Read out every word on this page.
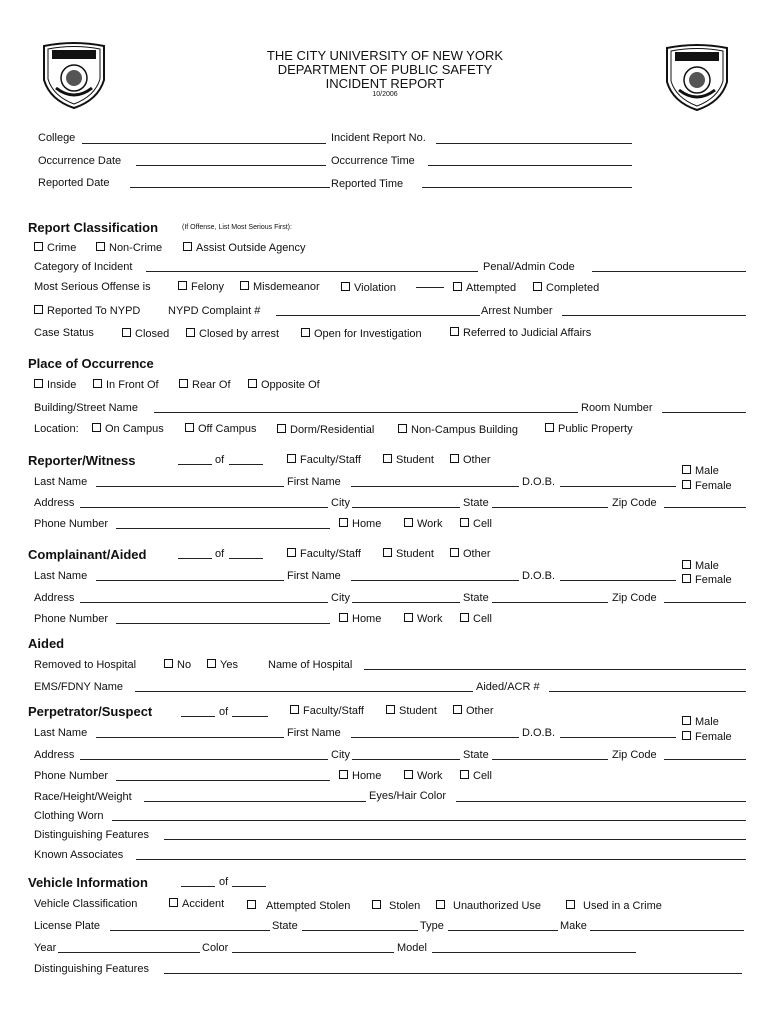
THE CITY UNIVERSITY OF NEW YORK
DEPARTMENT OF PUBLIC SAFETY
INCIDENT REPORT
10/2006
College	Incident Report No.
Occurrence Date	Occurrence Time
Reported Date	Reported Time
Report Classification	(If Offense, List Most Serious First):
Crime	Non-Crime	Assist Outside Agency
Category of Incident	Penal/Admin Code
Most Serious Offense is	Felony	Misdemeanor	Violation	Attempted	Completed
Reported To NYPD	NYPD Complaint #	Arrest Number
Case Status	Closed	Closed by arrest	Open for Investigation	Referred to Judicial Affairs
Place of Occurrence
Inside	In Front Of	Rear Of	Opposite Of
Building/Street Name	Room Number
Location:	On Campus	Off Campus	Dorm/Residential	Non-Campus Building	Public Property
Reporter/Witness	of	Faculty/Staff	Student	Other
Male
Female
Last Name	First Name	D.O.B.
Address	City	State	Zip Code
Phone Number	Home	Work	Cell
Complainant/Aided	of	Faculty/Staff	Student	Other
Male
Female
Last Name	First Name	D.O.B.
Address	City	State	Zip Code
Phone Number	Home	Work	Cell
Aided
Removed to Hospital	No	Yes	Name of Hospital
EMS/FDNY Name	Aided/ACR #
Perpetrator/Suspect	of	Faculty/Staff	Student	Other
Male
Female
Last Name	First Name	D.O.B.
Address	City	State	Zip Code
Phone Number	Home	Work	Cell
Race/Height/Weight	Eyes/Hair Color
Clothing Worn
Distinguishing Features
Known Associates
Vehicle Information	of
Vehicle Classification	Accident	Attempted Stolen	Stolen	Unauthorized Use	Used in a Crime
License Plate	State	Type	Make
Year	Color	Model
Distinguishing Features
